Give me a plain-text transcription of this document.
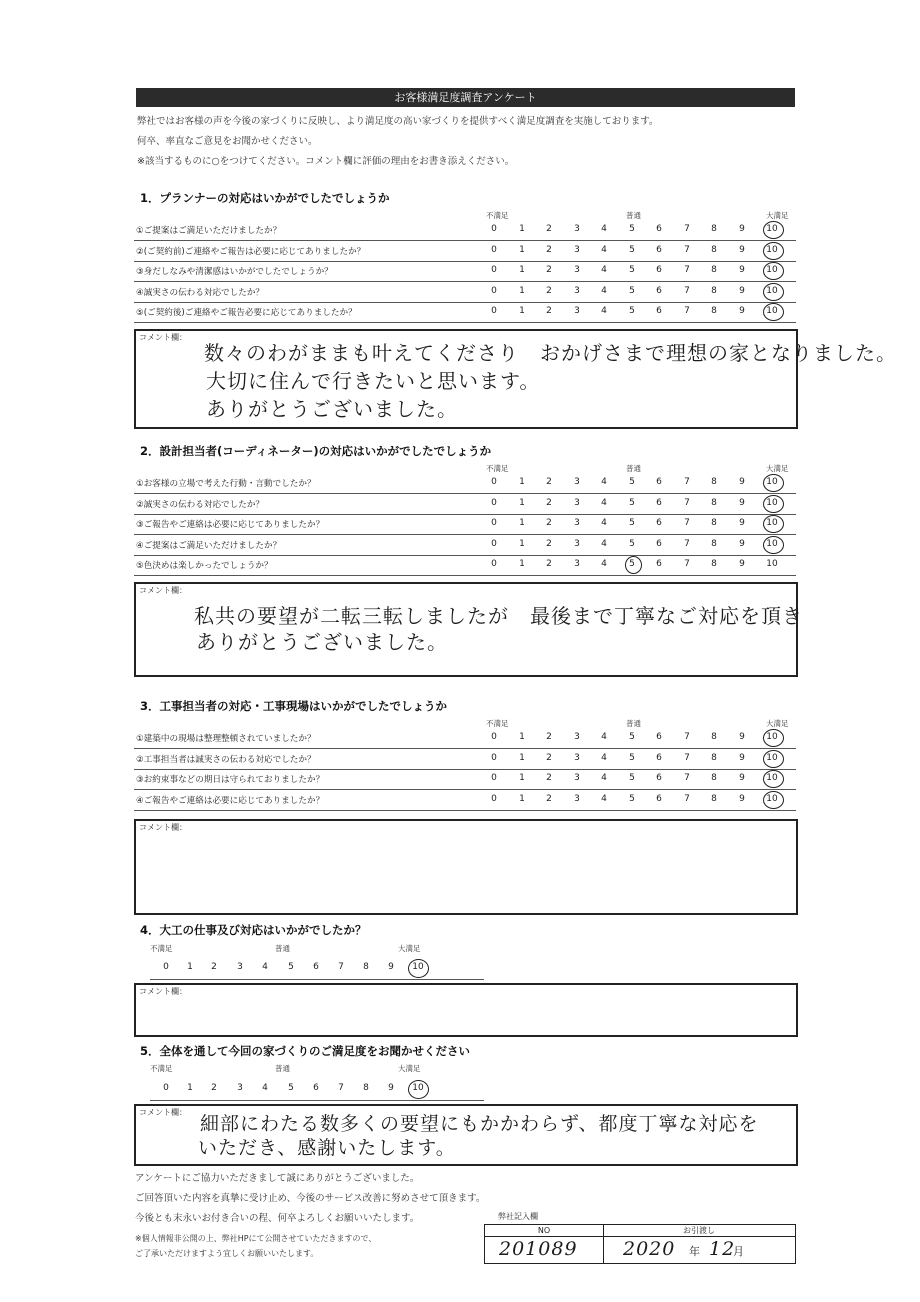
お客様満足度調査アンケート
弊社ではお客様の声を今後の家づくりに反映し、より満足度の高い家づくりを提供すべく満足度調査を実施しております。
何卒、率直なご意見をお聞かせください。
※該当するものに○をつけてください。コメント欄に評価の理由をお書き添えください。
1．プランナーの対応はいかがでしたでしょうか
不満足	普通	大満足
①ご提案はご満足いただけましたか？	0	1	2	3	4	5	6	7	8	9	10
②(ご契約前)ご連絡やご報告は必要に応じてありましたか？	0	1	2	3	4	5	6	7	8	9	10
③身だしなみや清潔感はいかがでしたでしょうか？	0	1	2	3	4	5	6	7	8	9	10
④誠実さの伝わる対応でしたか？	0	1	2	3	4	5	6	7	8	9	10
⑤(ご契約後)ご連絡やご報告必要に応じてありましたか？	0	1	2	3	4	5	6	7	8	9	10
コメント欄：
数々のわがままも叶えてくださり　おかげさまで理想の家となりました。
大切に住んで行きたいと思います。
ありがとうございました。
2．設計担当者(コーディネーター)の対応はいかがでしたでしょうか
不満足	普通	大満足
①お客様の立場で考えた行動・言動でしたか？	0	1	2	3	4	5	6	7	8	9	10
②誠実さの伝わる対応でしたか？	0	1	2	3	4	5	6	7	8	9	10
③ご報告やご連絡は必要に応じてありましたか？	0	1	2	3	4	5	6	7	8	9	10
④ご提案はご満足いただけましたか？	0	1	2	3	4	5	6	7	8	9	10
⑤色決めは楽しかったでしょうか？	0	1	2	3	4	5	6	7	8	9	10
コメント欄：
私共の要望が二転三転しましたが　最後まで丁寧なご対応を頂き
ありがとうございました。
3．工事担当者の対応・工事現場はいかがでしたでしょうか
不満足	普通	大満足
①建築中の現場は整理整頓されていましたか？	0	1	2	3	4	5	6	7	8	9	10
②工事担当者は誠実さの伝わる対応でしたか？	0	1	2	3	4	5	6	7	8	9	10
③お約束事などの期日は守られておりましたか？	0	1	2	3	4	5	6	7	8	9	10
④ご報告やご連絡は必要に応じてありましたか？	0	1	2	3	4	5	6	7	8	9	10
コメント欄：
4．大工の仕事及び対応はいかがでしたか？
不満足	普通	大満足
0	1	2	3	4	5	6	7	8	9	10
コメント欄：
5．全体を通して今回の家づくりのご満足度をお聞かせください
不満足	普通	大満足
0	1	2	3	4	5	6	7	8	9	10
コメント欄：
細部にわたる数多くの要望にもかかわらず、都度丁寧な対応を
いただき、感謝いたします。
アンケートにご協力いただきまして誠にありがとうございました。
ご回答頂いた内容を真摯に受け止め、今後のサービス改善に努めさせて頂きます。
今後とも末永いお付き合いの程、何卒よろしくお願いいたします。
※個人情報非公開の上、弊社HPにて公開させていただきますので、
ご了承いただけますよう宜しくお願いいたします。
弊社記入欄
NO	お引渡し
201089 2020 年 12
月
